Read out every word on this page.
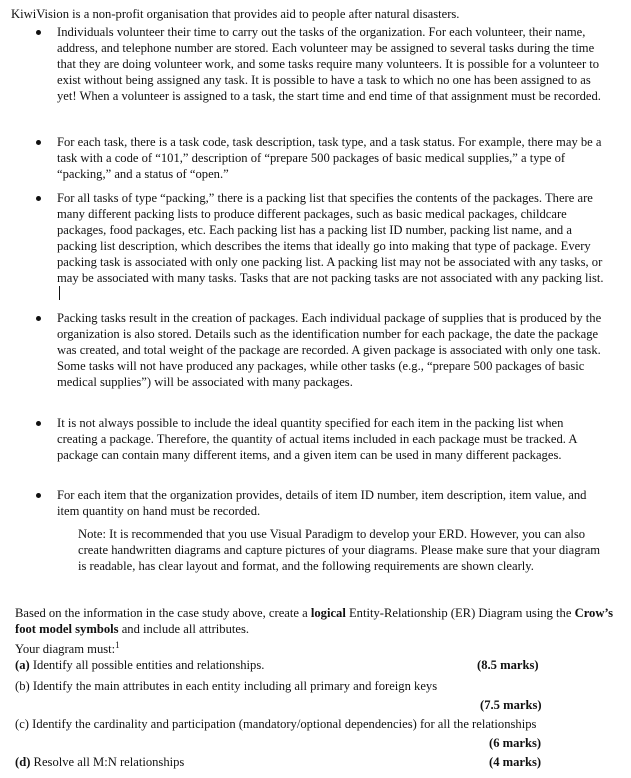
KiwiVision is a non-profit organisation that provides aid to people after natural disasters.
Individuals volunteer their time to carry out the tasks of the organization. For each volunteer, their name, address, and telephone number are stored. Each volunteer may be assigned to several tasks during the time that they are doing volunteer work, and some tasks require many volunteers. It is possible for a volunteer to exist without being assigned any task. It is possible to have a task to which no one has been assigned to as yet! When a volunteer is assigned to a task, the start time and end time of that assignment must be recorded.
For each task, there is a task code, task description, task type, and a task status. For example, there may be a task with a code of “101,” description of “prepare 500 packages of basic medical supplies,” a type of “packing,” and a status of “open.”
For all tasks of type “packing,” there is a packing list that specifies the contents of the packages. There are many different packing lists to produce different packages, such as basic medical packages, childcare packages, food packages, etc. Each packing list has a packing list ID number, packing list name, and a packing list description, which describes the items that ideally go into making that type of package. Every packing task is associated with only one packing list. A packing list may not be associated with any tasks, or may be associated with many tasks. Tasks that are not packing tasks are not associated with any packing list.
Packing tasks result in the creation of packages. Each individual package of supplies that is produced by the organization is also stored. Details such as the identification number for each package, the date the package was created, and total weight of the package are recorded. A given package is associated with only one task. Some tasks will not have produced any packages, while other tasks (e.g., “prepare 500 packages of basic medical supplies”) will be associated with many packages.
It is not always possible to include the ideal quantity specified for each item in the packing list when creating a package. Therefore, the quantity of actual items included in each package must be tracked. A package can contain many different items, and a given item can be used in many different packages.
For each item that the organization provides, details of item ID number, item description, item value, and item quantity on hand must be recorded.
Note: It is recommended that you use Visual Paradigm to develop your ERD. However, you can also create handwritten diagrams and capture pictures of your diagrams. Please make sure that your diagram is readable, has clear layout and format, and the following requirements are shown clearly.
Based on the information in the case study above, create a logical Entity-Relationship (ER) Diagram using the Crow’s foot model symbols and include all attributes.
Your diagram must:$^1$
(a) Identify all possible entities and relationships.	(8.5 marks)
(b) Identify the main attributes in each entity including all primary and foreign keys
(7.5 marks)
(c) Identify the cardinality and participation (mandatory/optional dependencies) for all the relationships
(6 marks)
(d) Resolve all M:N relationships	(4 marks)
